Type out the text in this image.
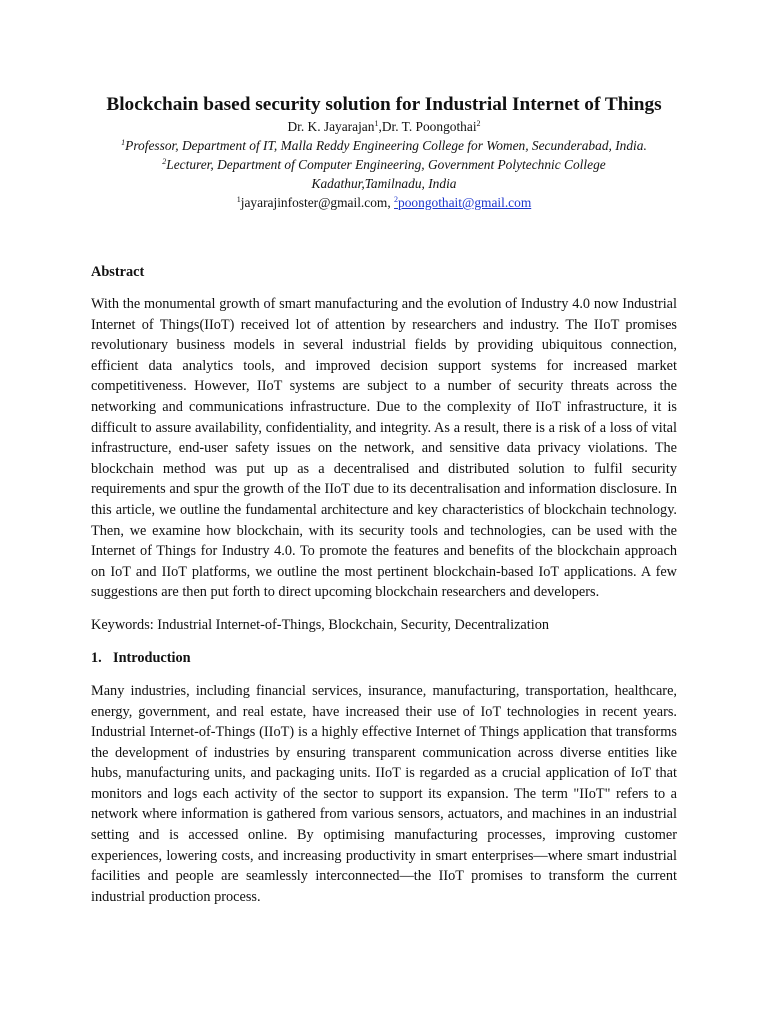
Blockchain based security solution for Industrial Internet of Things
Dr. K. Jayarajan$^1$,Dr. T. Poongothai$^2$
$^1$Professor, Department of IT, Malla Reddy Engineering College for Women, Secunderabad, India.
$^2$Lecturer, Department of Computer Engineering, Government Polytechnic College
Kadathur,Tamilnadu, India
$^1$jayarajinfoster@gmail.com, $^2$poongothait@gmail.com
Abstract

With the monumental growth of smart manufacturing and the evolution of Industry 4.0 now Industrial Internet of Things(IIoT) received lot of attention by researchers and industry. The IIoT promises revolutionary business models in several industrial fields by providing ubiquitous connection, efficient data analytics tools, and improved decision support systems for increased market competitiveness. However, IIoT systems are subject to a number of security threats across the networking and communications infrastructure. Due to the complexity of IIoT infrastructure, it is difficult to assure availability, confidentiality, and integrity. As a result, there is a risk of a loss of vital infrastructure, end-user safety issues on the network, and sensitive data privacy violations. The blockchain method was put up as a decentralised and distributed solution to fulfil security requirements and spur the growth of the IIoT due to its decentralisation and information disclosure. In this article, we outline the fundamental architecture and key characteristics of blockchain technology. Then, we examine how blockchain, with its security tools and technologies, can be used with the Internet of Things for Industry 4.0. To promote the features and benefits of the blockchain approach on IoT and IIoT platforms, we outline the most pertinent blockchain-based IoT applications. A few suggestions are then put forth to direct upcoming blockchain researchers and developers.

Keywords: Industrial Internet-of-Things, Blockchain, Security, Decentralization

1. Introduction

Many industries, including financial services, insurance, manufacturing, transportation, healthcare, energy, government, and real estate, have increased their use of IoT technologies in recent years. Industrial Internet-of-Things (IIoT) is a highly effective Internet of Things application that transforms the development of industries by ensuring transparent communication across diverse entities like hubs, manufacturing units, and packaging units. IIoT is regarded as a crucial application of IoT that monitors and logs each activity of the sector to support its expansion. The term "IIoT" refers to a network where information is gathered from various sensors, actuators, and machines in an industrial setting and is accessed online. By optimising manufacturing processes, improving customer experiences, lowering costs, and increasing productivity in smart enterprises—where smart industrial facilities and people are seamlessly interconnected—the IIoT promises to transform the current industrial production process.
